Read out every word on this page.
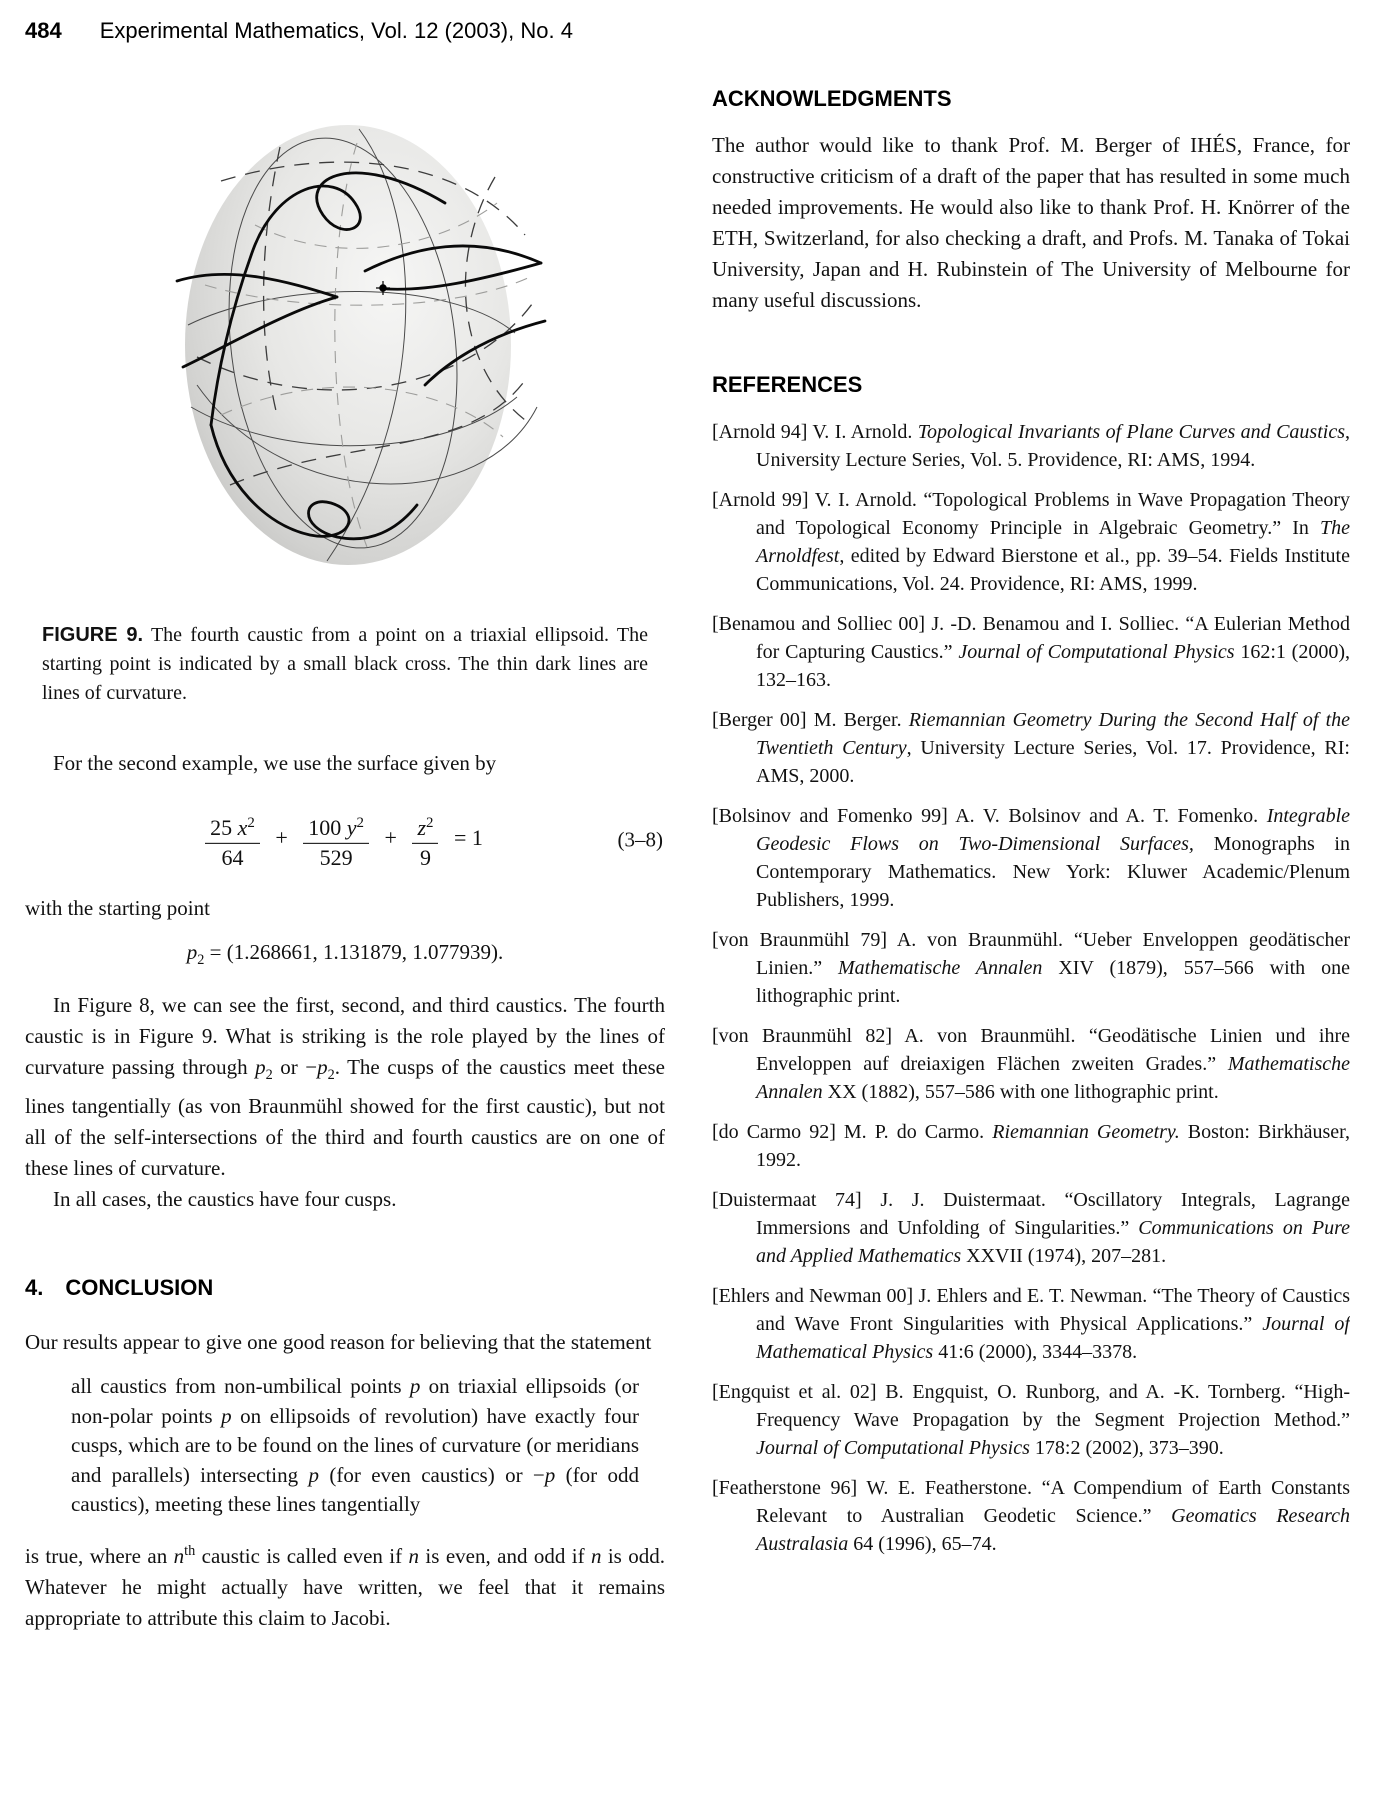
484 Experimental Mathematics, Vol. 12 (2003), No. 4
FIGURE 9. The fourth caustic from a point on a triaxial ellipsoid. The starting point is indicated by a small black cross. The thin dark lines are lines of curvature.

For the second example, we use the surface given by

$\frac{25 x^2}{64} + \frac{100 y^2}{529} + \frac{z^2}{9} = 1$	(3–8)

with the starting point

$p_2 = (1.268661$, 1.131879, 1.077939).

In Figure 8, we can see the first, second, and third caustics. The fourth caustic is in Figure 9. What is striking is the role played by the lines of curvature passing through $p_2$ or $-p_2$. The cusps of the caustics meet these lines tangentially (as von Braunmühl showed for the first caustic), but not all of the self-intersections of the third and fourth caustics are on one of these lines of curvature.

In all cases, the caustics have four cusps.

4. CONCLUSION

Our results appear to give one good reason for believing that the statement

all caustics from non-umbilical points p on triaxial ellipsoids (or non-polar points p on ellipsoids of revolution) have exactly four cusps, which are to be found on the lines of curvature (or meridians and parallels) intersecting p (for even caustics) or −p (for odd caustics), meeting these lines tangentially

is true, where an $n^{th}$ caustic is called even if n is even, and odd if n is odd. Whatever he might actually have written, we feel that it remains appropriate to attribute this claim to Jacobi.

ACKNOWLEDGMENTS

The author would like to thank Prof. M. Berger of IHÉS, France, for constructive criticism of a draft of the paper that has resulted in some much needed improvements. He would also like to thank Prof. H. Knörrer of the ETH, Switzerland, for also checking a draft, and Profs. M. Tanaka of Tokai University, Japan and H. Rubinstein of The University of Melbourne for many useful discussions.

REFERENCES
[Arnold 94] V. I. Arnold. Topological Invariants of Plane Curves and Caustics, University Lecture Series, Vol. 5. Providence, RI: AMS, 1994.
[Arnold 99] V. I. Arnold. “Topological Problems in Wave Propagation Theory and Topological Economy Principle in Algebraic Geometry.” In The Arnoldfest, edited by Edward Bierstone et al., pp. 39–54. Fields Institute Communications, Vol. 24. Providence, RI: AMS, 1999.
[Benamou and Solliec 00] J. -D. Benamou and I. Solliec. “A Eulerian Method for Capturing Caustics.” Journal of Computational Physics 162:1 (2000), 132–163.
[Berger 00] M. Berger. Riemannian Geometry During the Second Half of the Twentieth Century, University Lecture Series, Vol. 17. Providence, RI: AMS, 2000.
[Bolsinov and Fomenko 99] A. V. Bolsinov and A. T. Fomenko. Integrable Geodesic Flows on Two-Dimensional Surfaces, Monographs in Contemporary Mathematics. New York: Kluwer Academic/Plenum Publishers, 1999.
[von Braunmühl 79] A. von Braunmühl. “Ueber Enveloppen geodätischer Linien.” Mathematische Annalen XIV (1879), 557–566 with one lithographic print.
[von Braunmühl 82] A. von Braunmühl. “Geodätische Linien und ihre Enveloppen auf dreiaxigen Flächen zweiten Grades.” Mathematische Annalen XX (1882), 557–586 with one lithographic print.
[do Carmo 92] M. P. do Carmo. Riemannian Geometry. Boston: Birkhäuser, 1992.
[Duistermaat 74] J. J. Duistermaat. “Oscillatory Integrals, Lagrange Immersions and Unfolding of Singularities.” Communications on Pure and Applied Mathematics XXVII (1974), 207–281.
[Ehlers and Newman 00] J. Ehlers and E. T. Newman. “The Theory of Caustics and Wave Front Singularities with Physical Applications.” Journal of Mathematical Physics 41:6 (2000), 3344–3378.
[Engquist et al. 02] B. Engquist, O. Runborg, and A. -K. Tornberg. “High-Frequency Wave Propagation by the Segment Projection Method.” Journal of Computational Physics 178:2 (2002), 373–390.
[Featherstone 96] W. E. Featherstone. “A Compendium of Earth Constants Relevant to Australian Geodetic Science.” Geomatics Research Australasia 64 (1996), 65–74.
